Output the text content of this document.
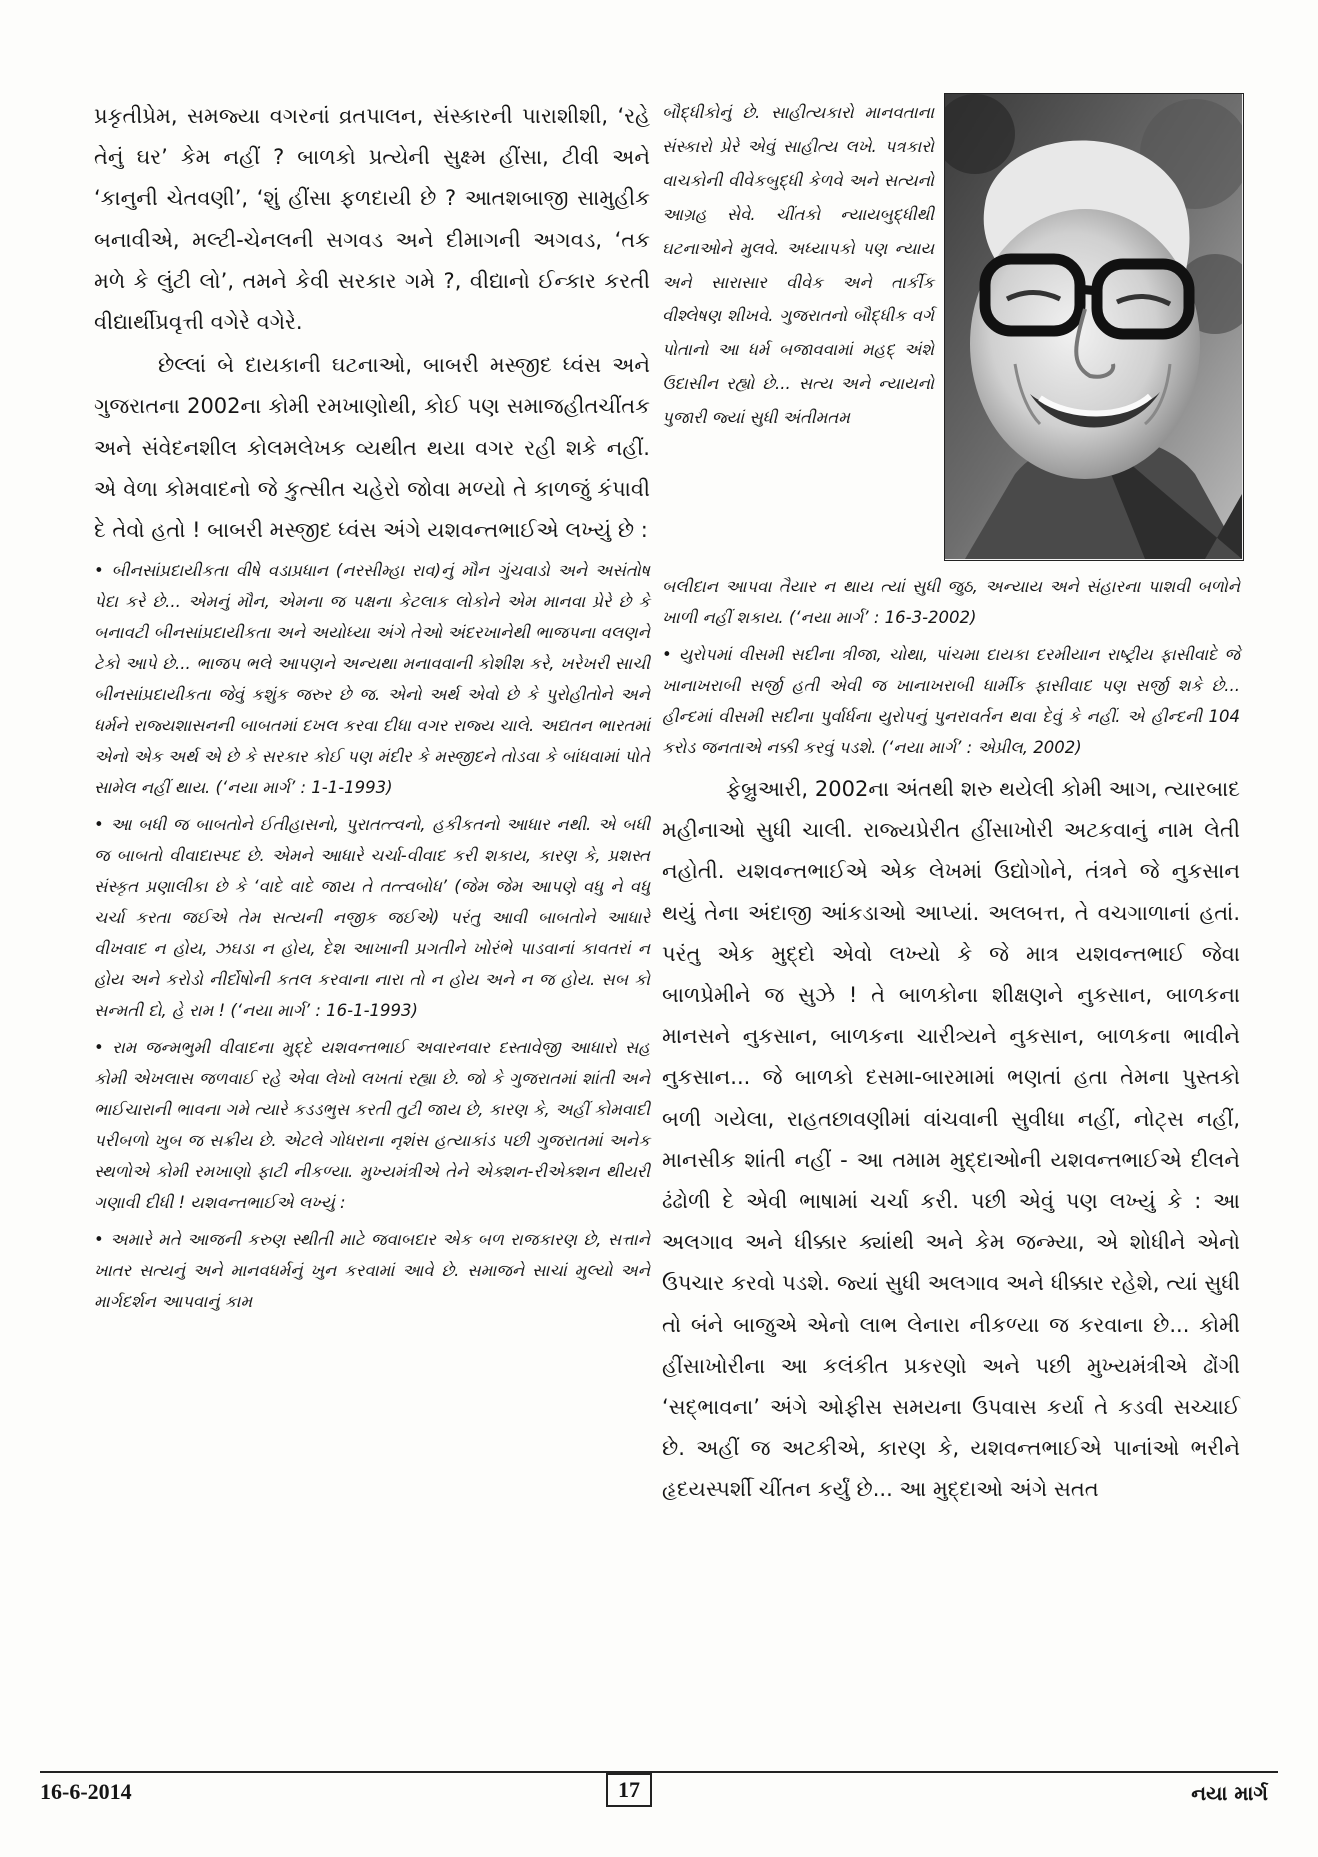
પ્રકૃતીપ્રેમ, સમજ્યા વગરનાં વ્રતપાલન, સંસ્કારની પારાશીશી, ‘રહે તેનું ઘર’ કેમ નહીં ? બાળકો પ્રત્યેની સુક્ષ્મ હીંસા, ટીવી અને ‘કાનુની ચેતવણી’, ‘શું હીંસા ફળદાયી છે ? આતશબાજી સામુહીક બનાવીએ, મલ્ટી-ચેનલની સગવડ અને દીમાગની અગવડ, ‘તક મળે કે લુંટી લો’, તમને કેવી સરકાર ગમે ?, વીદ્યાનો ઈન્કાર કરતી વીદ્યાર્થીપ્રવૃત્તી વગેરે વગેરે.

છેલ્લાં બે દાયકાની ઘટનાઓ, બાબરી મસ્જીદ ધ્વંસ અને ગુજરાતના 2002ના કોમી રમખાણોથી, કોઈ પણ સમાજહીતચીંતક અને સંવેદનશીલ કોલમલેખક વ્યથીત થયા વગર રહી શકે નહીં. એ વેળા કોમવાદનો જે કુત્સીત ચહેરો જોવા મળ્યો તે કાળજું કંપાવી દે તેવો હતો ! બાબરી મસ્જીદ ધ્વંસ અંગે યશવન્તભાઈએ લખ્યું છે :

• બીનસાંપ્રદાયીકતા વીષે વડાપ્રધાન (નરસીમ્હા રાવ)નું મૌન ગુંચવાડો અને અસંતોષ પેદા કરે છે... એમનું મૌન, એમના જ પક્ષના કેટલાક લોકોને એમ માનવા પ્રેરે છે કે બનાવટી બીનસાંપ્રદાયીકતા અને અયોધ્યા અંગે તેઓ અંદરખાનેથી ભાજપના વલણને ટેકો આપે છે... ભાજપ ભલે આપણને અન્યથા મનાવવાની કોશીશ કરે, ખરેખરી સાચી બીનસાંપ્રદાયીકતા જેવું કશુંક જરુર છે જ. એનો અર્થ એવો છે કે પુરોહીતોને અને ધર્મને રાજ્યશાસનની બાબતમાં દખલ કરવા દીધા વગર રાજ્ય ચાલે. અદ્યતન ભારતમાં એનો એક અર્થ એ છે કે સરકાર કોઈ પણ મંદીર કે મસ્જીદને તોડવા કે બાંધવામાં પોતે સામેલ નહીં થાય. (‘નયા માર્ગ’ : 1-1-1993)

• આ બધી જ બાબતોને ઈતીહાસનો, પુરાતત્ત્વનો, હકીકતનો આધાર નથી. એ બધી જ બાબતો વીવાદાસ્પદ છે. એમને આધારે ચર્ચા-વીવાદ કરી શકાય, કારણ કે, પ્રશસ્ત સંસ્કૃત પ્રણાલીકા છે કે ‘વાદે વાદે જાય તે તત્ત્વબોધ’ (જેમ જેમ આપણે વધુ ને વધુ ચર્ચા કરતા જઈએ તેમ સત્યની નજીક જઈએ) પરંતુ આવી બાબતોને આધારે વીખવાદ ન હોય, ઝઘડા ન હોય, દેશ આખાની પ્રગતીને ખોરંભે પાડવાનાં કાવતરાં ન હોય અને કરોડો નીર્દોષોની કતલ કરવાના નારા તો ન હોય અને ન જ હોય. સબ કો સન્મતી દો, હે રામ ! (‘નયા માર્ગ’ : 16-1-1993)

• રામ જન્મભુમી વીવાદના મુદ્દે યશવન્તભાઈ અવારનવાર દસ્તાવેજી આધારો સહ કોમી એખલાસ જળવાઈ રહે એવા લેખો લખતાં રહ્યા છે. જો કે ગુજરાતમાં શાંતી અને ભાઈચારાની ભાવના ગમે ત્યારે કડડભુસ કરતી તુટી જાય છે, કારણ કે, અહીં કોમવાદી પરીબળો ખુબ જ સક્રીય છે. એટલે ગોધરાના નૃશંસ હત્યાકાંડ પછી ગુજરાતમાં અનેક સ્થળોએ કોમી રમખાણો ફાટી નીકળ્યા. મુખ્યમંત્રીએ તેને એક્શન-રીએક્શન થીયરી ગણાવી દીધી ! યશવન્તભાઈએ લખ્યું :

• અમારે મતે આજની કરુણ સ્થીતી માટે જવાબદાર એક બળ રાજકારણ છે, સત્તાને ખાતર સત્યનું અને માનવધર્મનું ખુન કરવામાં આવે છે. સમાજને સાચાં મુલ્યો અને માર્ગદર્શન આપવાનું કામ

બૌદ્ધીકોનું છે. સાહીત્યકારો માનવતાના સંસ્કારો પ્રેરે એવું સાહીત્ય લખે. પત્રકારો વાચકોની વીવેકબુદ્ધી કેળવે અને સત્યનો આગ્રહ સેવે. ચીંતકો ન્યાયબુદ્ધીથી ઘટનાઓને મુલવે. અધ્યાપકો પણ ન્યાય અને સારાસાર વીવેક અને તાર્કીક વીશ્લેષણ શીખવે. ગુજરાતનો બૌદ્ધીક વર્ગ પોતાનો આ ધર્મ બજાવવામાં મહદ્ અંશે ઉદાસીન રહ્યો છે... સત્ય અને ન્યાયનો પુજારી જ્યાં સુધી અંતીમતમ

બલીદાન આપવા તૈયાર ન થાય ત્યાં સુધી જુઠ, અન્યાય અને સંહારના પાશવી બળોને ખાળી નહીં શકાય. (‘નયા માર્ગ’ : 16-3-2002)

• યુરોપમાં વીસમી સદીના ત્રીજા, ચોથા, પાંચમા દાયકા દરમીયાન રાષ્ટ્રીય ફાસીવાદે જે ખાનાખરાબી સર્જી હતી એવી જ ખાનાખરાબી ધાર્મીક ફાસીવાદ પણ સર્જી શકે છે... હીન્દમાં વીસમી સદીના પુર્વાર્ધના યુરોપનું પુનરાવર્તન થવા દેવું કે નહીં. એ હીન્દની 104 કરોડ જનતાએ નક્કી કરવું પડશે. (‘નયા માર્ગ’ : એપ્રીલ, 2002)

ફેબ્રુઆરી, 2002ના અંતથી શરુ થયેલી કોમી આગ, ત્યારબાદ મહીનાઓ સુધી ચાલી. રાજ્યપ્રેરીત હીંસાખોરી અટકવાનું નામ લેતી નહોતી. યશવન્તભાઈએ એક લેખમાં ઉદ્યોગોને, તંત્રને જે નુકસાન થયું તેના અંદાજી આંકડાઓ આપ્યાં. અલબત્ત, તે વચગાળાનાં હતાં. પરંતુ એક મુદ્દો એવો લખ્યો કે જે માત્ર યશવન્તભાઈ જેવા બાળપ્રેમીને જ સુઝે ! તે બાળકોના શીક્ષણને નુકસાન, બાળકના માનસને નુકસાન, બાળકના ચારીત્ર્યને નુકસાન, બાળકના ભાવીને નુકસાન... જે બાળકો દસમા-બારમામાં ભણતાં હતા તેમના પુસ્તકો બળી ગયેલા, રાહતછાવણીમાં વાંચવાની સુવીધા નહીં, નોટ્સ નહીં, માનસીક શાંતી નહીં - આ તમામ મુદ્દાઓની યશવન્તભાઈએ દીલને ઢંઢોળી દે એવી ભાષામાં ચર્ચા કરી. પછી એવું પણ લખ્યું કે : આ અલગાવ અને ધીક્કાર ક્યાંથી અને કેમ જન્મ્યા, એ શોધીને એનો ઉપચાર કરવો પડશે. જ્યાં સુધી અલગાવ અને ધીક્કાર રહેશે, ત્યાં સુધી તો બંને બાજુએ એનો લાભ લેનારા નીકળ્યા જ કરવાના છે... કોમી હીંસાખોરીના આ કલંકીત પ્રકરણો અને પછી મુખ્યમંત્રીએ ઢોંગી ‘સદ્ભાવના’ અંગે ઓફીસ સમયના ઉપવાસ કર્યા તે કડવી સચ્ચાઈ છે. અહીં જ અટકીએ, કારણ કે, યશવન્તભાઈએ પાનાંઓ ભરીને હૃદયસ્પર્શી ચીંતન કર્યું છે... આ મુદ્દાઓ અંગે સતત

16-6-2014	17	નયા માર્ગ
